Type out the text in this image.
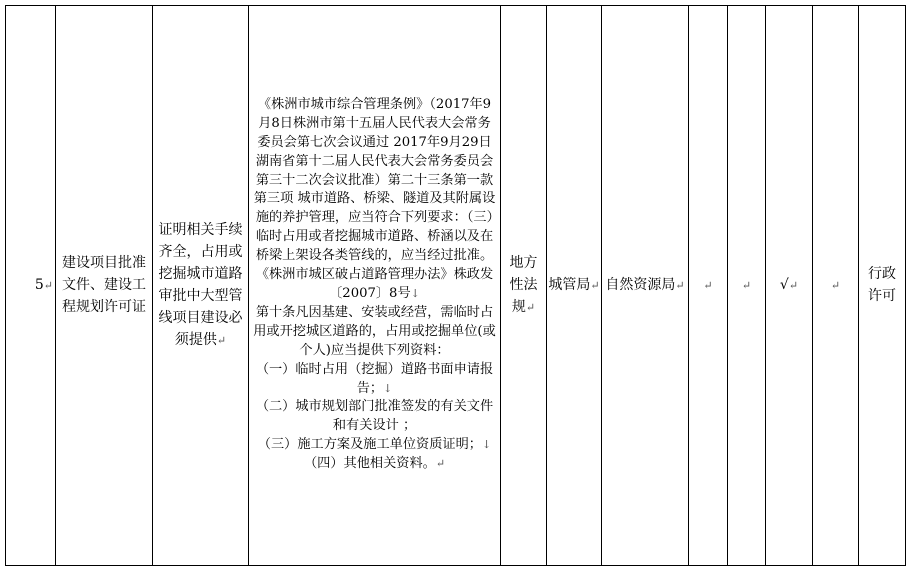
5↵
建设项目批准文件、建设工程规划许可证
证明相关手续齐全，占用或挖掘城市道路审批中大型管线项目建设必须提供↵

《株洲市城市综合管理条例》（2017年9月8日株洲市第十五届人民代表大会常务委员会第七次会议通过 2017年9月29日湖南省第十二届人民代表大会常务委员会第三十二次会议批准）第二十三条第一款第三项 城市道路、桥梁、隧道及其附属设施的养护管理，应当符合下列要求：（三）临时占用或者挖掘城市道路、桥涵以及在桥梁上架设各类管线的，应当经过批准。

《株洲市城区破占道路管理办法》株政发〔2007〕8号↓

第十条凡因基建、安装或经营，需临时占用或开挖城区道路的，占用或挖掘单位(或个人)应当提供下列资料：

（一）临时占用（挖掘）道路书面申请报告；↓

（二）城市规划部门批准签发的有关文件和有关设计 ；

（三）施工方案及施工单位资质证明；↓

（四）其他相关资料。↵

地方性法规↵
城管局↵ 自然资源局↵ ↵	↵ √↵	↵
行政许可
